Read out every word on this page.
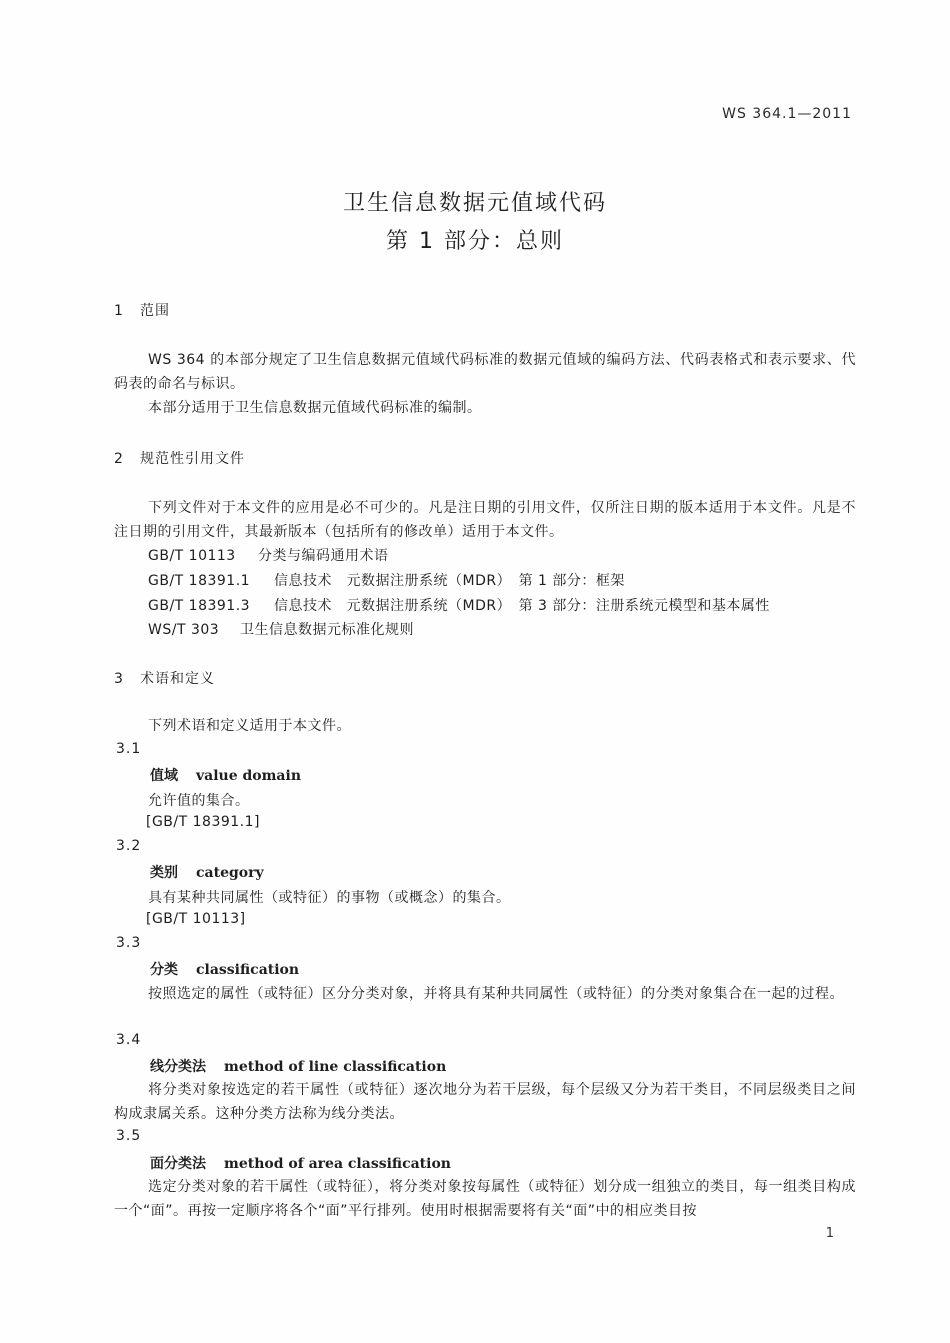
WS 364.1—2011
卫生信息数据元值域代码
第 1 部分：总则
1 范围
WS 364 的本部分规定了卫生信息数据元值域代码标准的数据元值域的编码方法、代码表格式和表示要求、代码表的命名与标识。
本部分适用于卫生信息数据元值域代码标准的编制。
2 规范性引用文件
下列文件对于本文件的应用是必不可少的。凡是注日期的引用文件，仅所注日期的版本适用于本文件。凡是不注日期的引用文件，其最新版本（包括所有的修改单）适用于本文件。
GB/T 10113 分类与编码通用术语
GB/T 18391.1 信息技术　元数据注册系统（MDR）　第 1 部分：框架
GB/T 18391.3 信息技术　元数据注册系统（MDR）　第 3 部分：注册系统元模型和基本属性
WS/T 303 卫生信息数据元标准化规则
3 术语和定义
下列术语和定义适用于本文件。
3.1
值域 value domain
允许值的集合。
[GB/T 18391.1]
3.2
类别 category
具有某种共同属性（或特征）的事物（或概念）的集合。
[GB/T 10113]
3.3
分类 classification
按照选定的属性（或特征）区分分类对象，并将具有某种共同属性（或特征）的分类对象集合在一起的过程。
3.4
线分类法 method of line classification
将分类对象按选定的若干属性（或特征）逐次地分为若干层级，每个层级又分为若干类目，不同层级类目之间构成隶属关系。这种分类方法称为线分类法。
3.5
面分类法 method of area classification
选定分类对象的若干属性（或特征），将分类对象按每属性（或特征）划分成一组独立的类目，每一组类目构成一个“面”。再按一定顺序将各个“面”平行排列。使用时根据需要将有关“面”中的相应类目按
1
